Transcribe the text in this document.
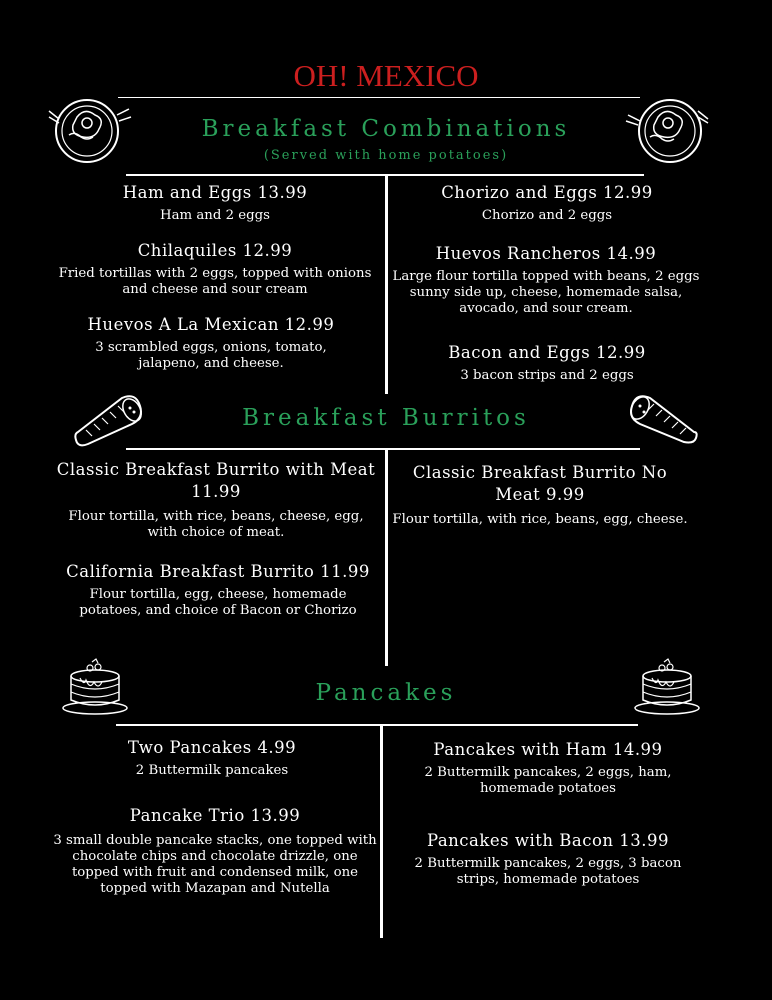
OH! MEXICO
Breakfast Combinations
(Served with home potatoes)
Ham and Eggs 13.99
Ham and 2 eggs
Chilaquiles 12.99
Fried tortillas with 2 eggs, topped with onions and cheese and sour cream
Huevos A La Mexican 12.99
3 scrambled eggs, onions, tomato, jalapeno, and cheese.
Chorizo and Eggs 12.99
Chorizo and 2 eggs
Huevos Rancheros 14.99
Large flour tortilla topped with beans, 2 eggs sunny side up, cheese, homemade salsa, avocado, and sour cream.
Bacon and Eggs 12.99
3 bacon strips and 2 eggs
Breakfast Burritos
Classic Breakfast Burrito with Meat 11.99
Flour tortilla, with rice, beans, cheese, egg, with choice of meat.
California Breakfast Burrito 11.99
Flour tortilla, egg, cheese, homemade potatoes, and choice of Bacon or Chorizo
Classic Breakfast Burrito No Meat 9.99
Flour tortilla, with rice, beans, egg, cheese.
Pancakes
Two Pancakes 4.99
2 Buttermilk pancakes
Pancake Trio 13.99
3 small double pancake stacks, one topped with chocolate chips and chocolate drizzle, one topped with fruit and condensed milk, one topped with Mazapan and Nutella
Pancakes with Ham 14.99
2 Buttermilk pancakes, 2 eggs, ham, homemade potatoes
Pancakes with Bacon 13.99
2 Buttermilk pancakes, 2 eggs, 3 bacon strips, homemade potatoes
